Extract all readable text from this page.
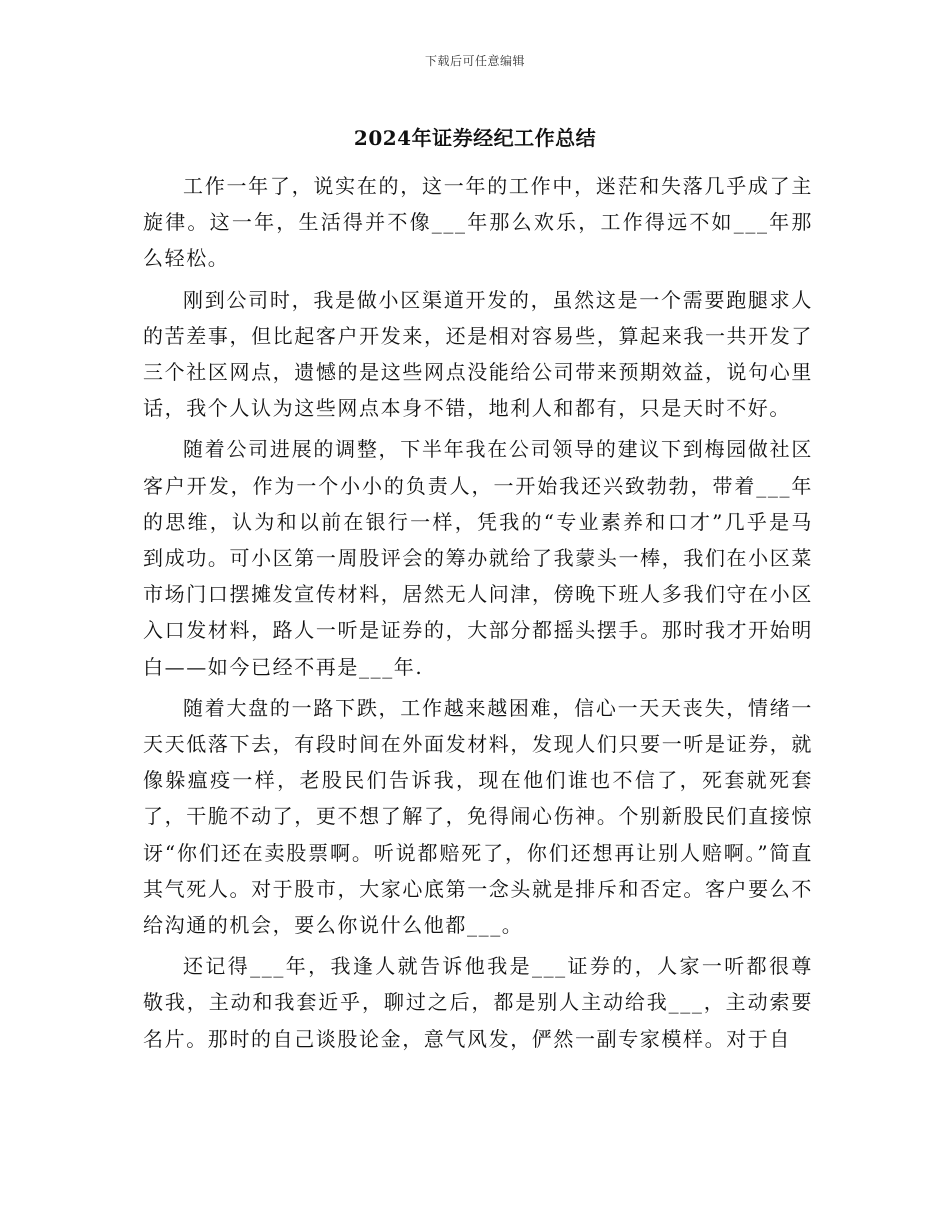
下载后可任意编辑
2024年证券经纪工作总结

工作一年了，说实在的，这一年的工作中，迷茫和失落几乎成了主旋律。这一年，生活得并不像___年那么欢乐，工作得远不如___年那么轻松。

刚到公司时，我是做小区渠道开发的，虽然这是一个需要跑腿求人的苦差事，但比起客户开发来，还是相对容易些，算起来我一共开发了三个社区网点，遗憾的是这些网点没能给公司带来预期效益，说句心里话，我个人认为这些网点本身不错，地利人和都有，只是天时不好。

随着公司进展的调整，下半年我在公司领导的建议下到梅园做社区客户开发，作为一个小小的负责人，一开始我还兴致勃勃，带着___年的思维，认为和以前在银行一样，凭我的“专业素养和口才”几乎是马到成功。可小区第一周股评会的筹办就给了我蒙头一棒，我们在小区菜市场门口摆摊发宣传材料，居然无人问津，傍晚下班人多我们守在小区入口发材料，路人一听是证券的，大部分都摇头摆手。那时我才开始明白——如今已经不再是___年.

随着大盘的一路下跌，工作越来越困难，信心一天天丧失，情绪一天天低落下去，有段时间在外面发材料，发现人们只要一听是证券，就像躲瘟疫一样，老股民们告诉我，现在他们谁也不信了，死套就死套了，干脆不动了，更不想了解了，免得闹心伤神。个别新股民们直接惊讶“你们还在卖股票啊。听说都赔死了，你们还想再让别人赔啊。”简直其气死人。对于股市，大家心底第一念头就是排斥和否定。客户要么不给沟通的机会，要么你说什么他都___。

还记得___年，我逢人就告诉他我是___证券的，人家一听都很尊敬我，主动和我套近乎，聊过之后，都是别人主动给我___，主动索要名片。那时的自己谈股论金，意气风发，俨然一副专家模样。对于自
